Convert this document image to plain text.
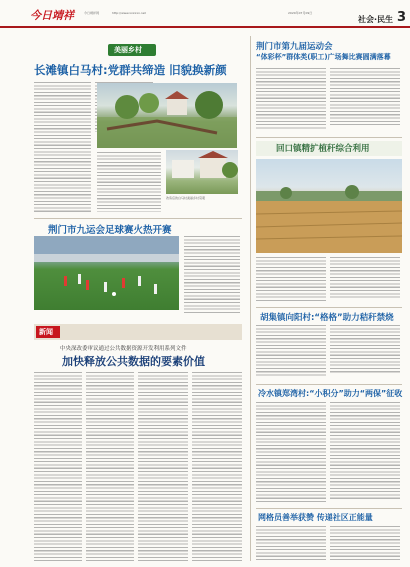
今日靖祥	今日靖祥网	http://www.xxxxxx.net	2020年07月09日
社会·民生 3
美丽乡村
长滩镇白马村:党群共缔造 旧貌换新颜
改造后的白马村美丽乡村景观
荆门市九运会足球赛火热开赛
新闻
中央深改委审议通过公共数据资源开发利用系列文件
加快释放公共数据的要素价值
荆门市第九届运动会
“体彩杯”群体类(职工)广场舞比赛圆满落幕
回口镇精扩植秆综合利用
胡集镇向阳村:“格格”助力秸秆禁烧
冷水镇郑湾村:“小积分”助力“两保”征收
网格员善举获赞 传递社区正能量
